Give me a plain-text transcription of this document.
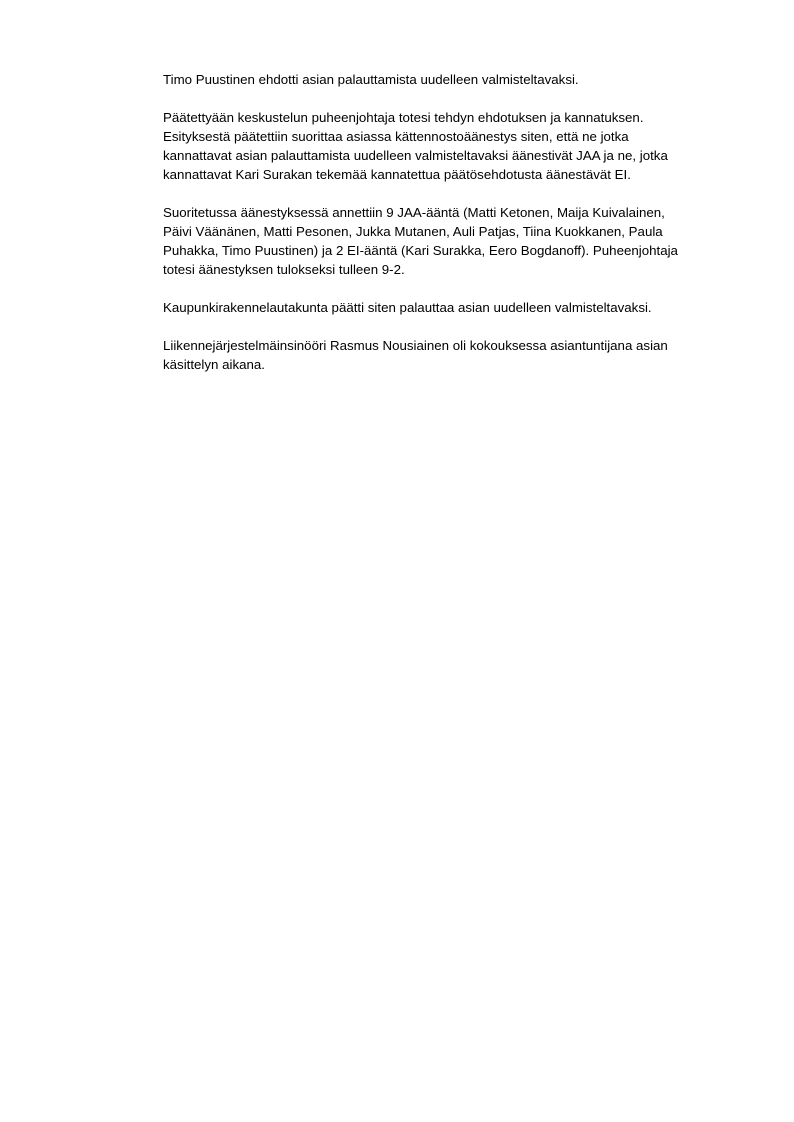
Timo Puustinen ehdotti asian palauttamista uudelleen valmisteltavaksi.

Päätettyään keskustelun puheenjohtaja totesi tehdyn ehdotuksen ja kannatuksen.
Esityksestä päätettiin suorittaa asiassa kättennostoäänestys siten, että ne jotka
kannattavat asian palauttamista uudelleen valmisteltavaksi äänestivät JAA ja ne, jotka
kannattavat Kari Surakan tekemää kannatettua päätösehdotusta äänestävät EI.

Suoritetussa äänestyksessä annettiin 9 JAA-ääntä (Matti Ketonen, Maija Kuivalainen,
Päivi Väänänen, Matti Pesonen, Jukka Mutanen, Auli Patjas, Tiina Kuokkanen, Paula
Puhakka, Timo Puustinen) ja 2 EI-ääntä (Kari Surakka, Eero Bogdanoff). Puheenjohtaja
totesi äänestyksen tulokseksi tulleen 9-2.

Kaupunkirakennelautakunta päätti siten palauttaa asian uudelleen valmisteltavaksi.

Liikennejärjestelmäinsinööri Rasmus Nousiainen oli kokouksessa asiantuntijana asian
käsittelyn aikana.
